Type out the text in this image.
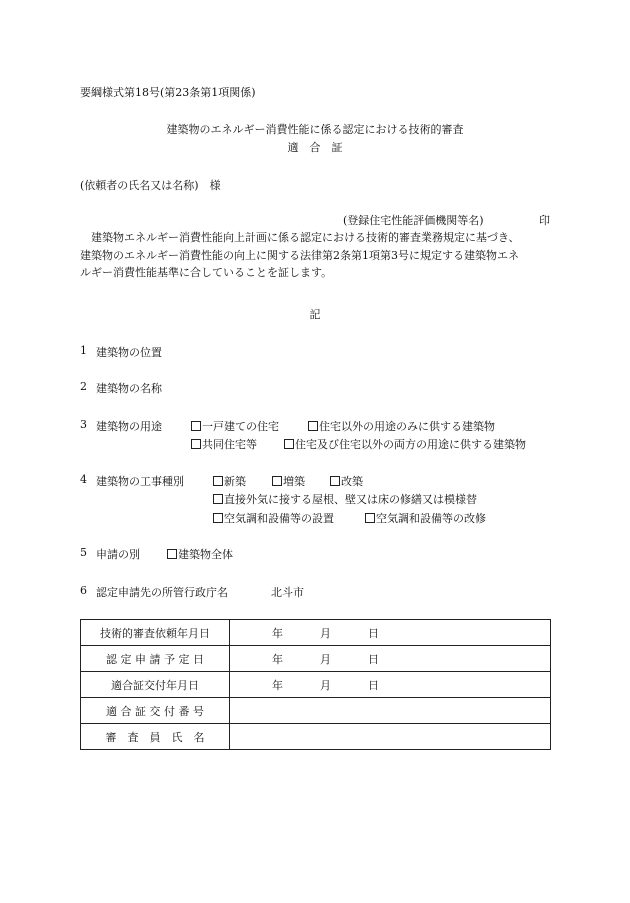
要綱様式第18号(第23条第1項関係)
建築物のエネルギー消費性能に係る認定における技術的審査
適　合　証
(依頼者の氏名又は名称)　様
(登録住宅性能評価機関等名)	印
建築物エネルギー消費性能向上計画に係る認定における技術的審査業務規定に基づき、
建築物のエネルギー消費性能の向上に関する法律第2条第1項第3号に規定する建築物エネ
ルギー消費性能基準に合していることを証します。
記
1 建築物の位置
2 建築物の名称
3 建築物の用途	一戸建ての住宅	住宅以外の用途のみに供する建築物
共同住宅等	住宅及び住宅以外の両方の用途に供する建築物
4 建築物の工事種別	新築	増築	改築
直接外気に接する屋根、壁又は床の修繕又は模様替
空気調和設備等の設置	空気調和設備等の改修
5 申請の別	建築物全体
6 認定申請先の所管行政庁名	北斗市
技術的審査依頼年月日	年 月 日
認 定 申 請 予 定 日	年 月 日
適合証交付年月日	年 月 日
適 合 証 交 付 番 号	
審　査　員　氏　名	
